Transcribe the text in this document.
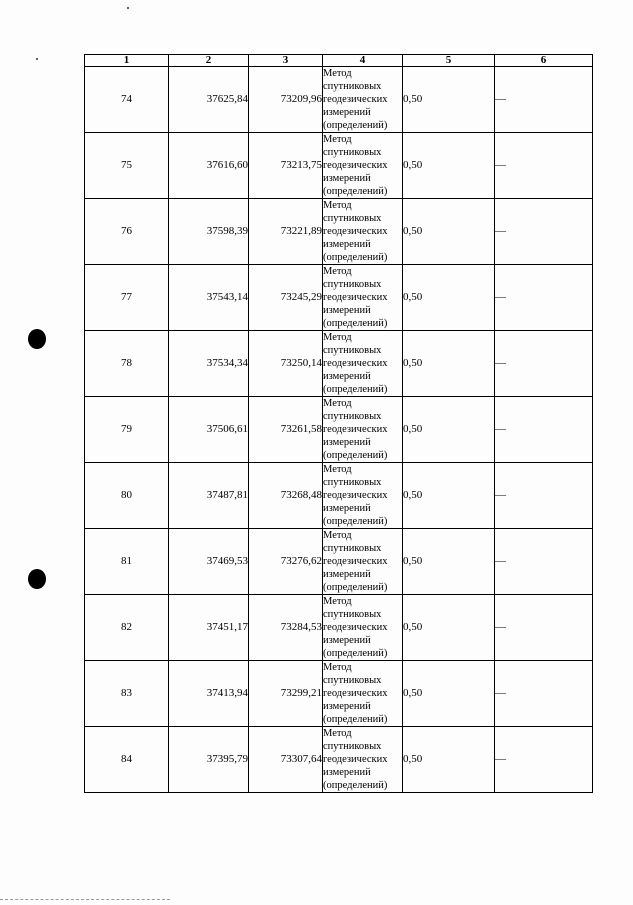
1	2	3	4	5	6
74	37625,84	73209,96	Метод
спутниковых
геодезических
измерений
(определений)	0,50	—
75	37616,60	73213,75	Метод
спутниковых
геодезических
измерений
(определений)	0,50	—
76	37598,39	73221,89	Метод
спутниковых
геодезических
измерений
(определений)	0,50	—
77	37543,14	73245,29	Метод
спутниковых
геодезических
измерений
(определений)	0,50	—
78	37534,34	73250,14	Метод
спутниковых
геодезических
измерений
(определений)	0,50	—
79	37506,61	73261,58	Метод
спутниковых
геодезических
измерений
(определений)	0,50	—
80	37487,81	73268,48	Метод
спутниковых
геодезических
измерений
(определений)	0,50	—
81	37469,53	73276,62	Метод
спутниковых
геодезических
измерений
(определений)	0,50	—
82	37451,17	73284,53	Метод
спутниковых
геодезических
измерений
(определений)	0,50	—
83	37413,94	73299,21	Метод
спутниковых
геодезических
измерений
(определений)	0,50	—
84	37395,79	73307,64	Метод
спутниковых
геодезических
измерений
(определений)	0,50	—
